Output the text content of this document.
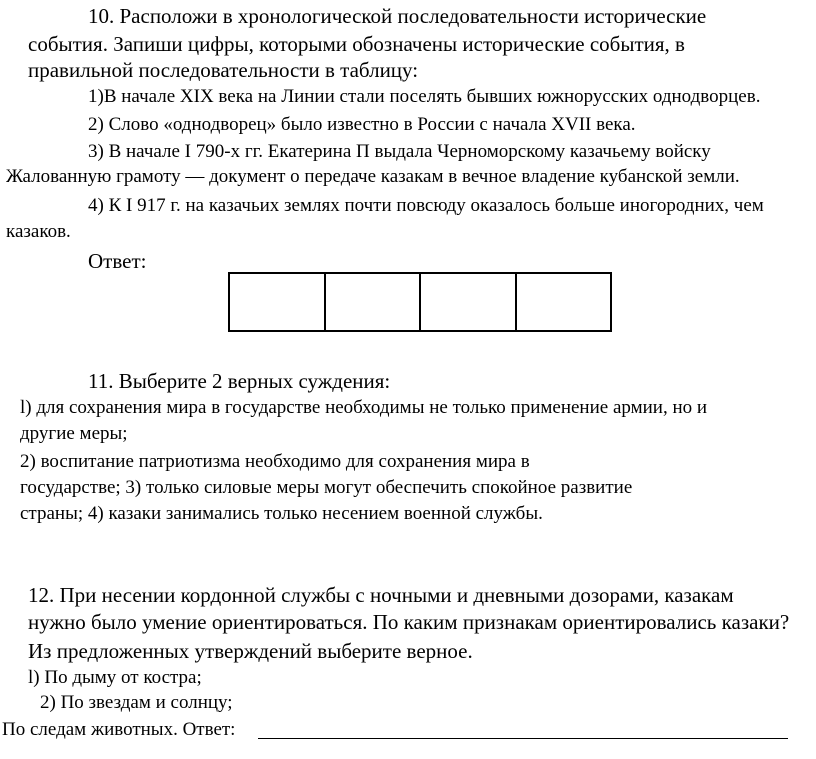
10. Расположи в хронологической последовательности исторические
события. Запиши цифры, которыми обозначены исторические события, в
правильной последовательности в таблицу:
1)В начале XIX века на Линии стали поселять бывших южнорусских однодворцев.
2) Слово «однодворец» было известно в России с начала XVII века.
3) В начале I 790-х гг. Екатерина П выдала Черноморскому казачьему войску
Жалованную грамоту — документ о передаче казакам в вечное владение кубанской земли.
4) К I 917 г. на казачьих землях почти повсюду оказалось больше иногородних, чем
казаков.
Ответ:
11. Выберите 2 верных суждения:
l) для сохранения мира в государстве необходимы не только применение армии, но и
другие меры;
2) воспитание патриотизма необходимо для сохранения мира в
государстве; 3) только силовые меры могут обеспечить спокойное развитие
страны; 4) казаки занимались только несением военной службы.
12. При несении кордонной службы с ночными и дневными дозорами, казакам
нужно было умение ориентироваться. По каким признакам ориентировались казаки?
Из предложенных утверждений выберите верное.
l) По дыму от костра;
2) По звездам и солнцу;
По следам животных. Ответ:
